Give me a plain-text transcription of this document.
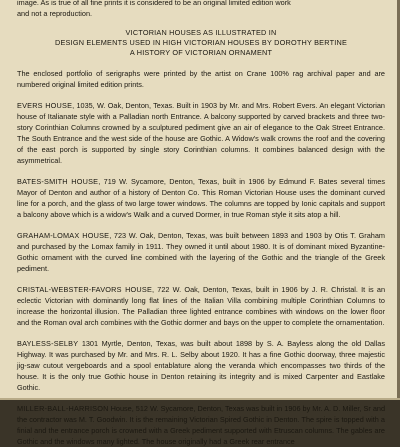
image. As is true of all fine prints it is considered to be an original limited edition work

and not a reproduction.

VICTORIAN HOUSES AS ILLUSTRATED IN

DESIGN ELEMENTS USED IN HIGH VICTORIAN HOUSES BY DOROTHY BERTINE

A HISTORY OF VICTORIAN ORNAMENT

The enclosed portfolio of serigraphs were printed by the artist on Crane 100% rag archival paper and are numbered original limited edition prints.

EVERS HOUSE, 1035, W. Oak, Denton, Texas. Built in 1903 by Mr. and Mrs. Robert Evers. An elegant Victorian house of Italianate style with a Palladian north Entrance. A balcony supported by carved brackets and three two-story Corinthian Columns crowned by a sculptured pediment give an air of elegance to the Oak Street Entrance. The South Entrance and the west side of the house are Gothic. A Widow's walk crowns the roof and the covering of the east porch is supported by single story Corinthian columns. It combines balanced design with the asymmetrical.

BATES-SMITH HOUSE, 719 W. Sycamore, Denton, Texas, built in 1906 by Edmund F. Bates several times Mayor of Denton and author of a history of Denton Co. This Roman Victorian House uses the dominant curved line for a porch, and the glass of two large tower windows. The columns are topped by Ionic capitals and support a balcony above which is a widow's Walk and a curved Dormer, in true Roman style it sits atop a hill.

GRAHAM-LOMAX HOUSE, 723 W. Oak, Denton, Texas, was built between 1893 and 1903 by Otis T. Graham and purchased by the Lomax family in 1911. They owned it until about 1980. It is of dominant mixed Byzantine-Gothic ornament with the curved line combined with the layering of the Gothic and the triangle of the Greek pediment.

CRISTAL-WEBSTER-FAVORS HOUSE, 722 W. Oak, Denton, Texas, built in 1906 by J. R. Christal. It is an eclectic Victorian with dominantly long flat lines of the Italian Villa combining multiple Corinthian Columns to increase the horizontal illusion. The Palladian three lighted entrance combines with windows on the lower floor and the Roman oval arch combines with the Gothic dormer and bays on the upper to complete the ornamentation.

BAYLESS-SELBY 1301 Myrtle, Denton, Texas, was built about 1898 by S. A. Bayless along the old Dallas Highway. It was purchased by Mr. and Mrs. R. L. Selby about 1920. It has a fine Gothic doorway, three majestic jig-saw cutout vergeboards and a spool entablature along the veranda which encompasses two thirds of the house. It is the only true Gothic house in Denton retaining its integrity and is mixed Carpenter and Eastlake Gothic.

MILLER-BALL-HARRISON House, 512 W. Sycamore, Denton, Texas was built in 1906 by Mr. A. D. Miller, Sr and the contractor was M. T. Goodwin. It is the remaining Victorian Spired Gothic in Denton. The spire is topped with a finial and the entrance porch is crowned with a Greek pediment supported with Etruscan columns. The gables are Gothic and the windows many lighted. The house originally had a Greek rear entrance
